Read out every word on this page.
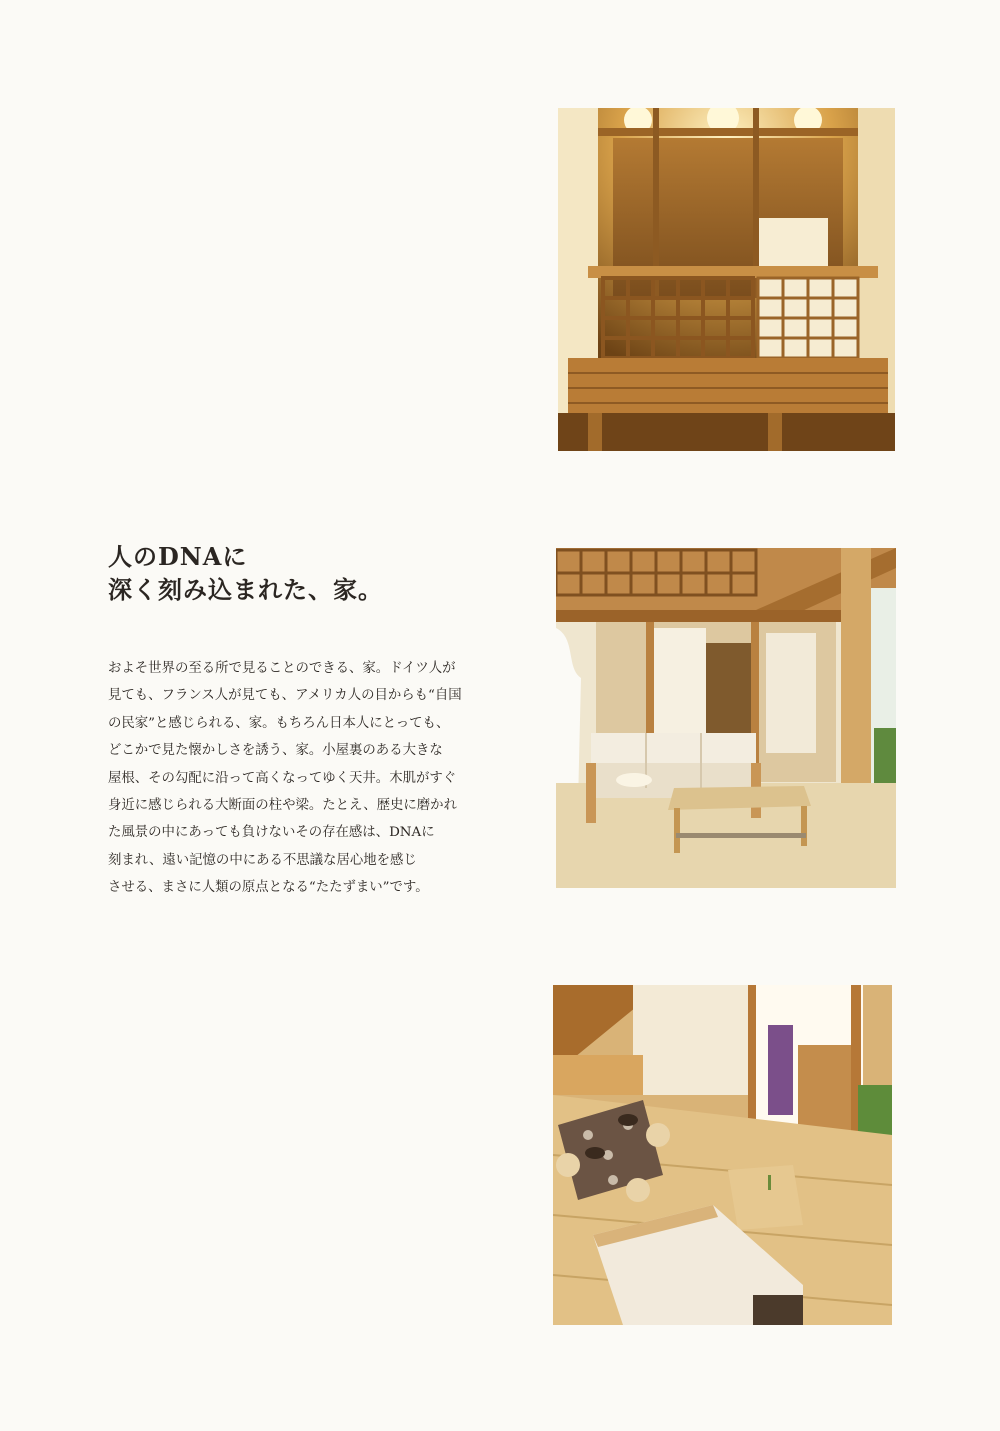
人のDNAに
深く刻み込まれた、家。

およそ世界の至る所で見ることのできる、家。ドイツ人が
見ても、フランス人が見ても、アメリカ人の目からも“自国
の民家”と感じられる、家。もちろん日本人にとっても、
どこかで見た懐かしさを誘う、家。小屋裏のある大きな
屋根、その勾配に沿って高くなってゆく天井。木肌がすぐ
身近に感じられる大断面の柱や梁。たとえ、歴史に磨かれ
た風景の中にあっても負けないその存在感は、DNAに
刻まれ、遠い記憶の中にある不思議な居心地を感じ
させる、まさに人類の原点となる“たたずまい”です。
